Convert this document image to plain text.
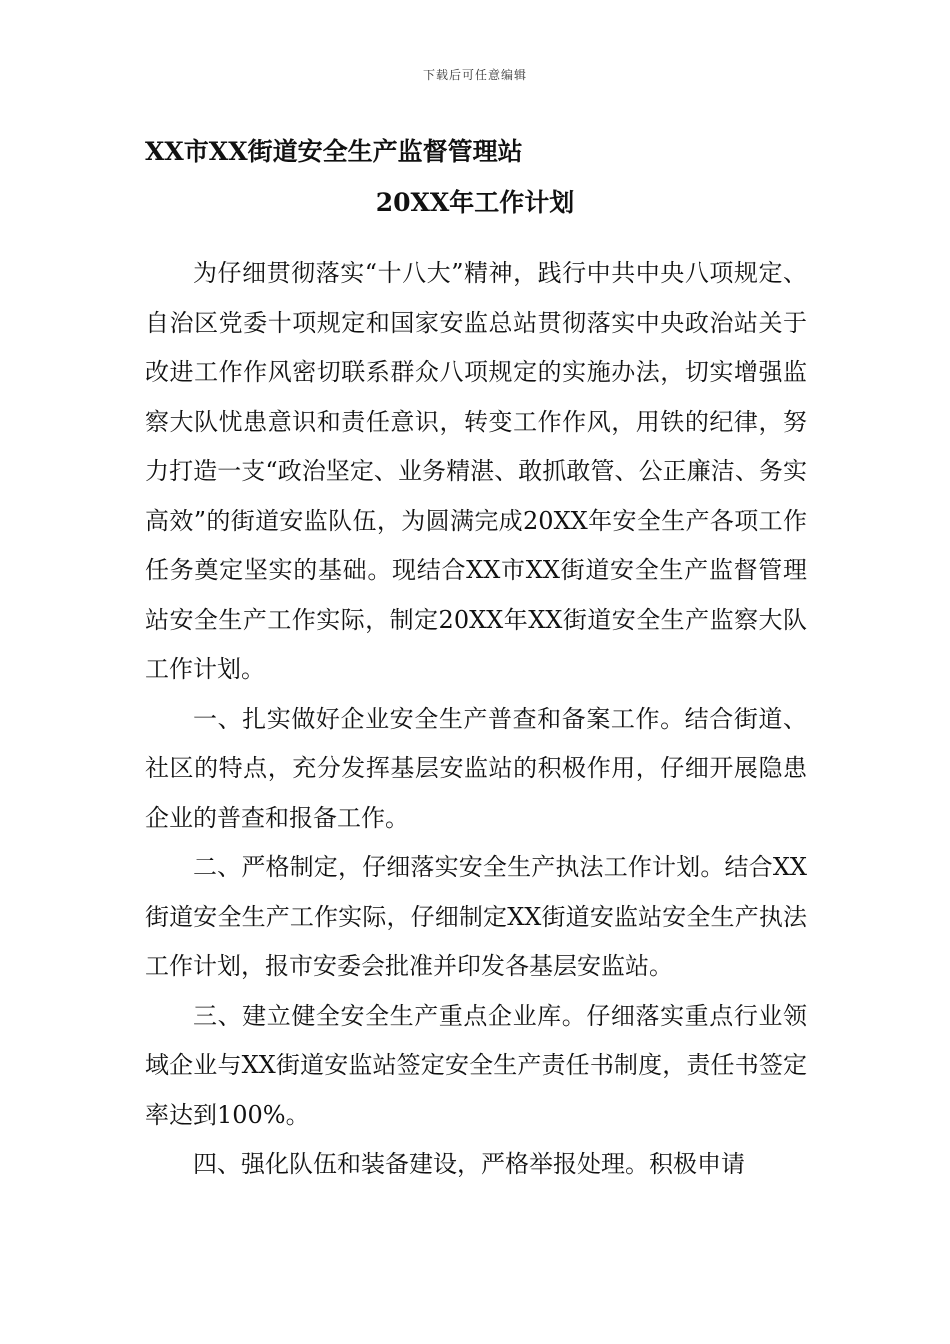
下载后可任意编辑
XX市XX街道安全生产监督管理站
20XX年工作计划

为仔细贯彻落实“十八大”精神，践行中共中央八项规定、自治区党委十项规定和国家安监总站贯彻落实中央政治站关于改进工作作风密切联系群众八项规定的实施办法，切实增强监察大队忧患意识和责任意识，转变工作作风，用铁的纪律，努力打造一支“政治坚定、业务精湛、敢抓敢管、公正廉洁、务实高效”的街道安监队伍，为圆满完成20XX年安全生产各项工作任务奠定坚实的基础。现结合XX市XX街道安全生产监督管理站安全生产工作实际，制定20XX年XX街道安全生产监察大队工作计划。

一、扎实做好企业安全生产普查和备案工作。结合街道、社区的特点，充分发挥基层安监站的积极作用，仔细开展隐患企业的普查和报备工作。

二、严格制定，仔细落实安全生产执法工作计划。结合XX街道安全生产工作实际，仔细制定XX街道安监站安全生产执法工作计划，报市安委会批准并印发各基层安监站。

三、建立健全安全生产重点企业库。仔细落实重点行业领域企业与XX街道安监站签定安全生产责任书制度，责任书签定率达到100%。

四、强化队伍和装备建设，严格举报处理。积极申请
